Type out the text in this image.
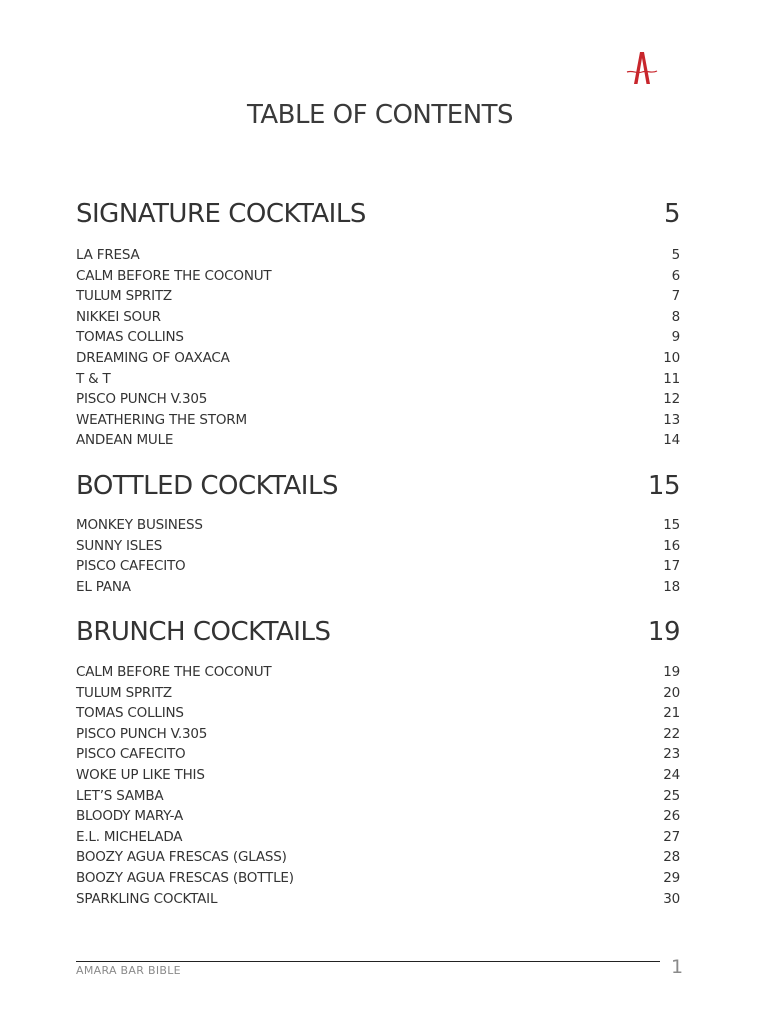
TABLE OF CONTENTS
SIGNATURE COCKTAILS	5
LA FRESA	5
CALM BEFORE THE COCONUT	6
TULUM SPRITZ	7
NIKKEI SOUR	8
TOMAS COLLINS	9
DREAMING OF OAXACA	10
T & T	11
PISCO PUNCH V.305	12
WEATHERING THE STORM	13
ANDEAN MULE	14
BOTTLED COCKTAILS	15
MONKEY BUSINESS	15
SUNNY ISLES	16
PISCO CAFECITO	17
EL PANA	18
BRUNCH COCKTAILS	19
CALM BEFORE THE COCONUT	19
TULUM SPRITZ	20
TOMAS COLLINS	21
PISCO PUNCH V.305	22
PISCO CAFECITO	23
WOKE UP LIKE THIS	24
LET’S SAMBA	25
BLOODY MARY-A	26
E.L. MICHELADA	27
BOOZY AGUA FRESCAS (GLASS)	28
BOOZY AGUA FRESCAS (BOTTLE)	29
SPARKLING COCKTAIL	30
AMARA BAR BIBLE	1
